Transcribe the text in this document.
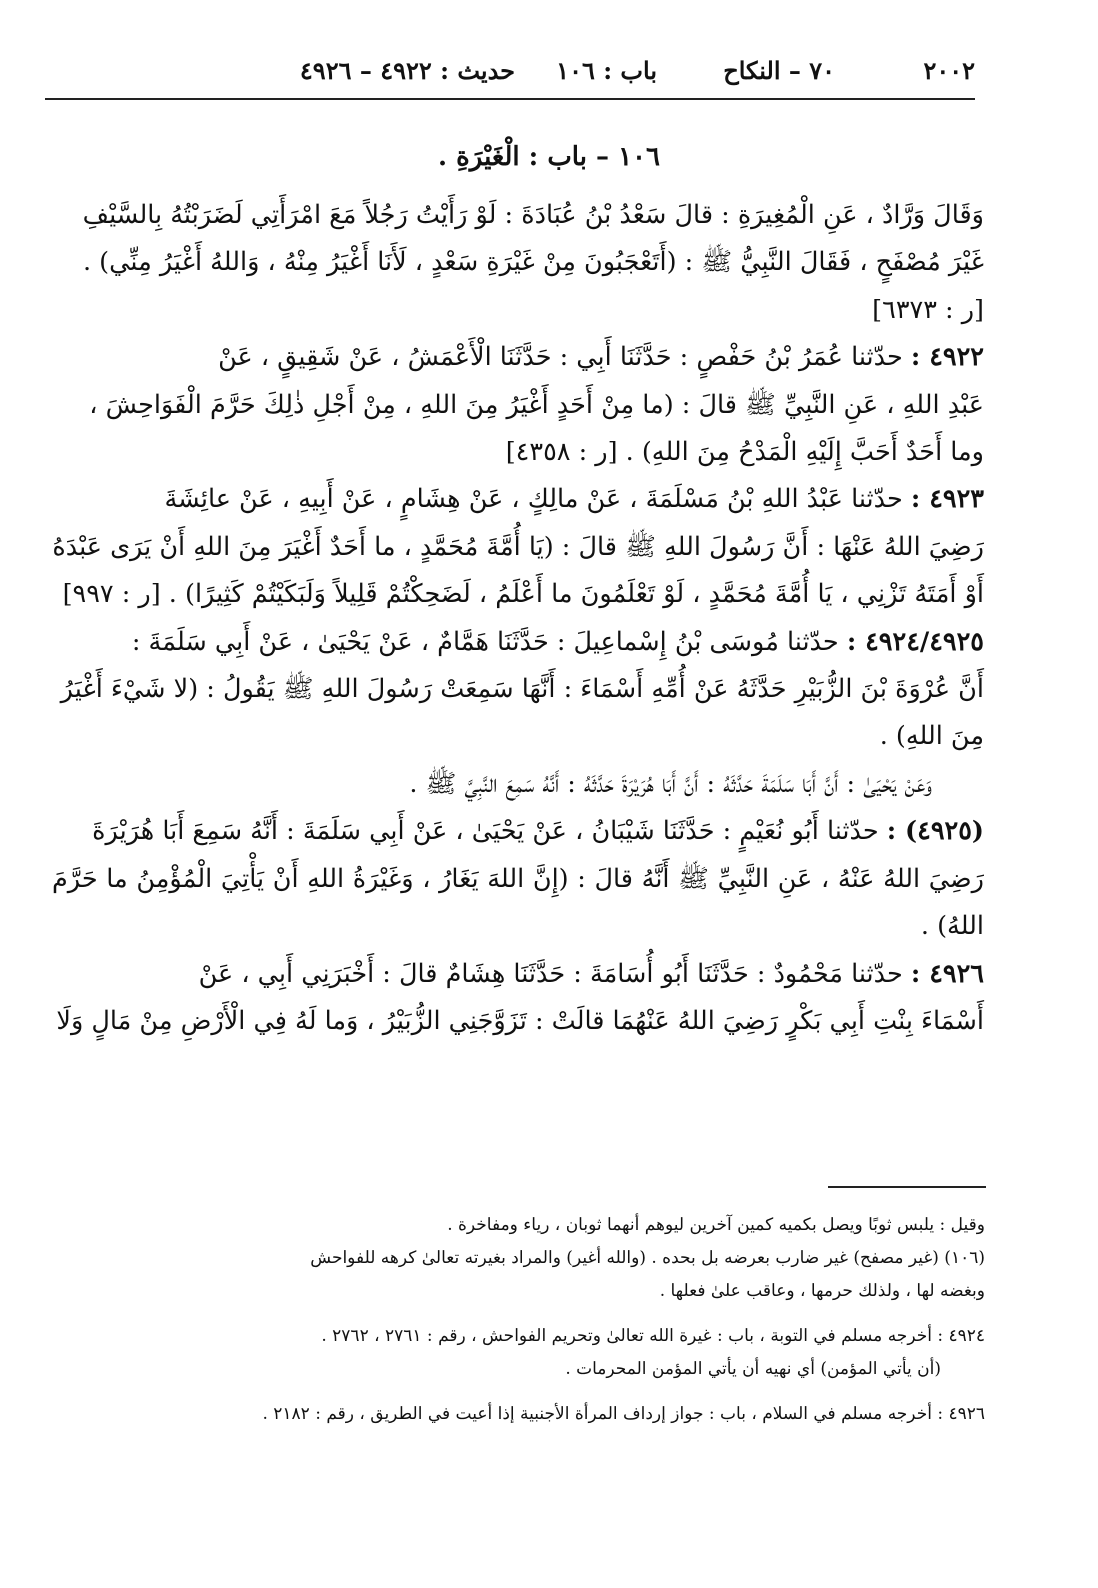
٢٠٠٢
٧٠ – النكاح
باب : ١٠٦
حديث : ٤٩٢٢ – ٤٩٢٦
١٠٦ – باب : الْغَيْرَةِ .

وَقَالَ وَرَّادٌ ، عَنِ الْمُغِيرَةِ : قالَ سَعْدُ بْنُ عُبَادَةَ : لَوْ رَأَيْتُ رَجُلاً مَعَ امْرَأَتِي لَضَرَبْتُهُ بِالسَّيْفِ

غَيْرَ مُصْفَحٍ ، فَقَالَ النَّبِيُّ ﷺ : (أَتَعْجَبُونَ مِنْ غَيْرَةِ سَعْدٍ ، لَأَنَا أَغْيَرُ مِنْهُ ، وَاللهُ أَغْيَرُ مِنِّي) .

[ر : ٦٣٧٣]

٤٩٢٢ : حدّثنا عُمَرُ بْنُ حَفْصٍ : حَدَّثَنَا أَبِي : حَدَّثَنَا الْأَعْمَشُ ، عَنْ شَقِيقٍ ، عَنْ

عَبْدِ اللهِ ، عَنِ النَّبِيِّ ﷺ قالَ : (ما مِنْ أَحَدٍ أَغْيَرُ مِنَ اللهِ ، مِنْ أَجْلِ ذٰلِكَ حَرَّمَ الْفَوَاحِشَ ،

وما أَحَدٌ أَحَبَّ إِلَيْهِ الْمَدْحُ مِنَ اللهِ) . [ر : ٤٣٥٨]

٤٩٢٣ : حدّثنا عَبْدُ اللهِ بْنُ مَسْلَمَةَ ، عَنْ مالِكٍ ، عَنْ هِشَامٍ ، عَنْ أَبِيهِ ، عَنْ عائِشَةَ

رَضِيَ اللهُ عَنْهَا : أَنَّ رَسُولَ اللهِ ﷺ قالَ : (يَا أُمَّةَ مُحَمَّدٍ ، ما أَحَدٌ أَغْيَرَ مِنَ اللهِ أَنْ يَرَى عَبْدَهُ

أَوْ أَمَتَهُ تَزْنِي ، يَا أُمَّةَ مُحَمَّدٍ ، لَوْ تَعْلَمُونَ ما أَعْلَمُ ، لَضَحِكْتُمْ قَلِيلاً وَلَبَكَيْتُمْ كَثِيرًا) . [ر : ٩٩٧]

٤٩٢٤/٤٩٢٥ : حدّثنا مُوسَى بْنُ إِسْماعِيلَ : حَدَّثَنَا هَمَّامٌ ، عَنْ يَحْيَىٰ ، عَنْ أَبِي سَلَمَةَ :

أَنَّ عُرْوَةَ بْنَ الزُّبَيْرِ حَدَّثَهُ عَنْ أُمِّهِ أَسْمَاءَ : أَنَّهَا سَمِعَتْ رَسُولَ اللهِ ﷺ يَقُولُ : (لا شَيْءَ أَغْيَرُ

مِنَ اللهِ) .

وَعَنْ يَحْيَىٰ : أَنَّ أَبَا سَلَمَةَ حَدَّثَهُ : أَنَّ أَبَا هُرَيْرَةَ حَدَّثَهُ : أَنَّهُ سَمِعَ النَّبِيَّ ﷺ .

(٤٩٢٥) : حدّثنا أَبُو نُعَيْمٍ : حَدَّثَنَا شَيْبَانُ ، عَنْ يَحْيَىٰ ، عَنْ أَبِي سَلَمَةَ : أَنَّهُ سَمِعَ أَبَا هُرَيْرَةَ

رَضِيَ اللهُ عَنْهُ ، عَنِ النَّبِيِّ ﷺ أَنَّهُ قالَ : (إِنَّ اللهَ يَغَارُ ، وَغَيْرَةُ اللهِ أَنْ يَأْتِيَ الْمُؤْمِنُ ما حَرَّمَ اللهُ) .

٤٩٢٦ : حدّثنا مَحْمُودٌ : حَدَّثَنَا أَبُو أُسَامَةَ : حَدَّثَنَا هِشَامٌ قالَ : أَخْبَرَنِي أَبِي ، عَنْ

أَسْمَاءَ بِنْتِ أَبِي بَكْرٍ رَضِيَ اللهُ عَنْهُمَا قالَتْ : تَزَوَّجَنِي الزُّبَيْرُ ، وَما لَهُ فِي الْأَرْضِ مِنْ مَالٍ وَلَا

وقيل : يلبس ثوبًا ويصل بكميه كمين آخرين ليوهم أنهما ثوبان ، رياء ومفاخرة .

(١٠٦) (غير مصفح) غير ضارب بعرضه بل بحده . (والله أغير) والمراد بغيرته تعالىٰ كرهه للفواحش

وبغضه لها ، ولذلك حرمها ، وعاقب علىٰ فعلها .

٤٩٢٤ : أخرجه مسلم في التوبة ، باب : غيرة الله تعالىٰ وتحريم الفواحش ، رقم : ٢٧٦١ ، ٢٧٦٢ .

(أن يأتي المؤمن) أي نهيه أن يأتي المؤمن المحرمات .

٤٩٢٦ : أخرجه مسلم في السلام ، باب : جواز إرداف المرأة الأجنبية إذا أعيت في الطريق ، رقم : ٢١٨٢ .
